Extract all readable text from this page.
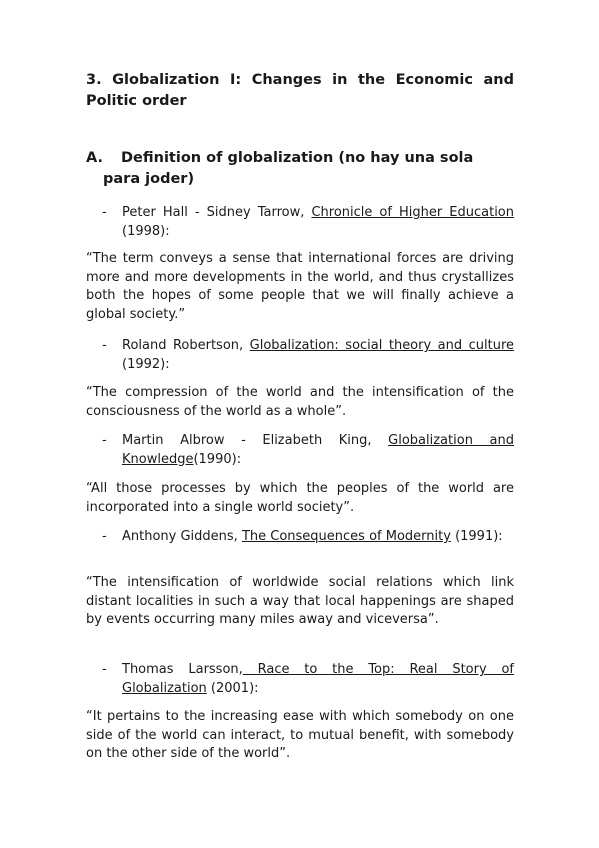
3. Globalization I: Changes in the Economic and Politic order
A. Definition of globalization (no hay una sola para joder)
- Peter Hall - Sidney Tarrow, Chronicle of Higher Education (1998):
“The term conveys a sense that international forces are driving more and more developments in the world, and thus crystallizes both the hopes of some people that we will finally achieve a global society.”
- Roland Robertson, Globalization: social theory and culture (1992):
“The compression of the world and the intensification of the consciousness of the world as a whole”.
- Martin Albrow - Elizabeth King, Globalization and Knowledge(1990):
“All those processes by which the peoples of the world are incorporated into a single world society”.
- Anthony Giddens, The Consequences of Modernity (1991):
“The intensification of worldwide social relations which link distant localities in such a way that local happenings are shaped by events occurring many miles away and viceversa”.
- Thomas Larsson, Race to the Top: Real Story of Globalization (2001):
“It pertains to the increasing ease with which somebody on one side of the world can interact, to mutual benefit, with somebody on the other side of the world”.
